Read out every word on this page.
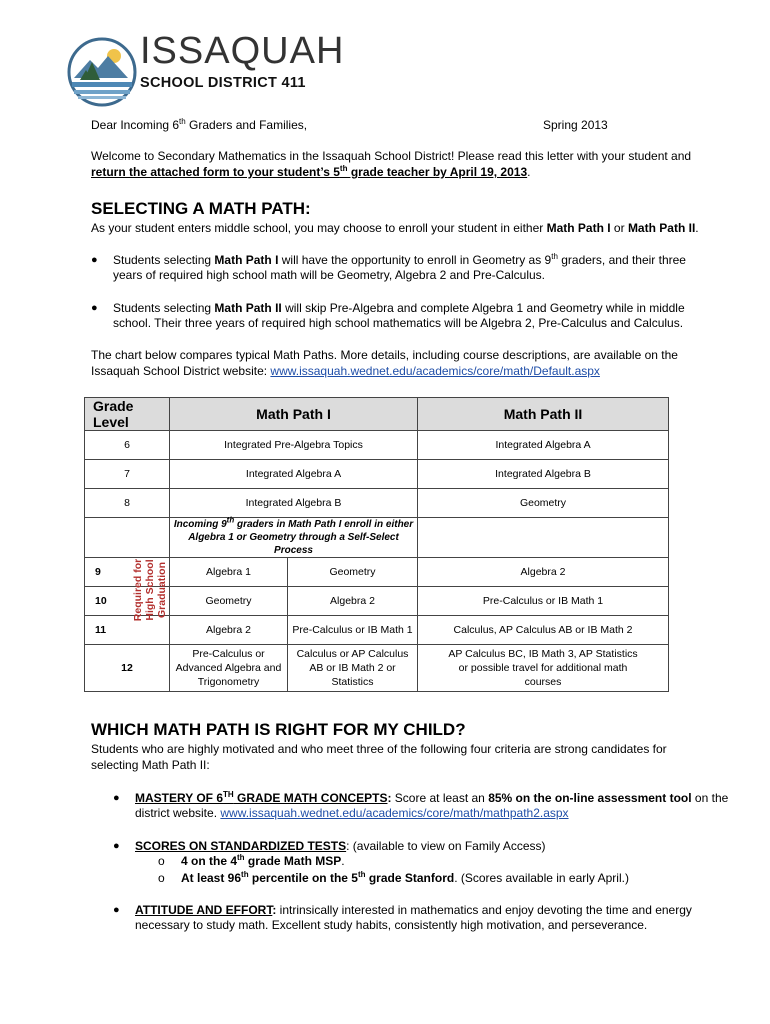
ISSAQUAH
SCHOOL DISTRICT 411
Dear Incoming 6th Graders and Families,	Spring 2013
Welcome to Secondary Mathematics in the Issaquah School District! Please read this letter with your student and
return the attached form to your student’s 5th grade teacher by April 19, 2013.
SELECTING A MATH PATH:
As your student enters middle school, you may choose to enroll your student in either Math Path I or Math Path II.
● Students selecting Math Path I will have the opportunity to enroll in Geometry as 9th graders, and their three
years of required high school math will be Geometry, Algebra 2 and Pre-Calculus.
● Students selecting Math Path II will skip Pre-Algebra and complete Algebra 1 and Geometry while in middle
school. Their three years of required high school mathematics will be Algebra 2, Pre-Calculus and Calculus.
The chart below compares typical Math Paths. More details, including course descriptions, are available on the
Issaquah School District website: www.issaquah.wednet.edu/academics/core/math/Default.aspx
Grade Level	Math Path I		Math Path II
6	Integrated Pre-Algebra Topics		Integrated Algebra A
7	Integrated Algebra A		Integrated Algebra B
8	Integrated Algebra B		Geometry
	Incoming 9th graders in Math Path I enroll in either
Algebra 1 or Geometry through a Self-Select Process		
9	Algebra 1	Geometry	Algebra 2
10	Geometry	Algebra 2	Pre-Calculus or IB Math 1
11	Algebra 2	Pre-Calculus or IB Math 1	Calculus, AP Calculus AB or IB Math 2
12	Pre-Calculus or Advanced Algebra and Trigonometry	Calculus or AP Calculus AB or IB Math 2 or Statistics	AP Calculus BC, IB Math 3, AP Statistics or possible travel for additional math courses
Required for High School Graduation
WHICH MATH PATH IS RIGHT FOR MY CHILD?
Students who are highly motivated and who meet three of the following four criteria are strong candidates for
selecting Math Path II:
● MASTERY OF 6TH GRADE MATH CONCEPTS: Score at least an 85% on the on-line assessment tool on the
district website. www.issaquah.wednet.edu/academics/core/math/mathpath2.aspx
● SCORES ON STANDARDIZED TESTS: (available to view on Family Access)
o 4 on the 4th grade Math MSP.
o At least 96th percentile on the 5th grade Stanford. (Scores available in early April.)
● ATTITUDE AND EFFORT: intrinsically interested in mathematics and enjoy devoting the time and energy
necessary to study math. Excellent study habits, consistently high motivation, and perseverance.
